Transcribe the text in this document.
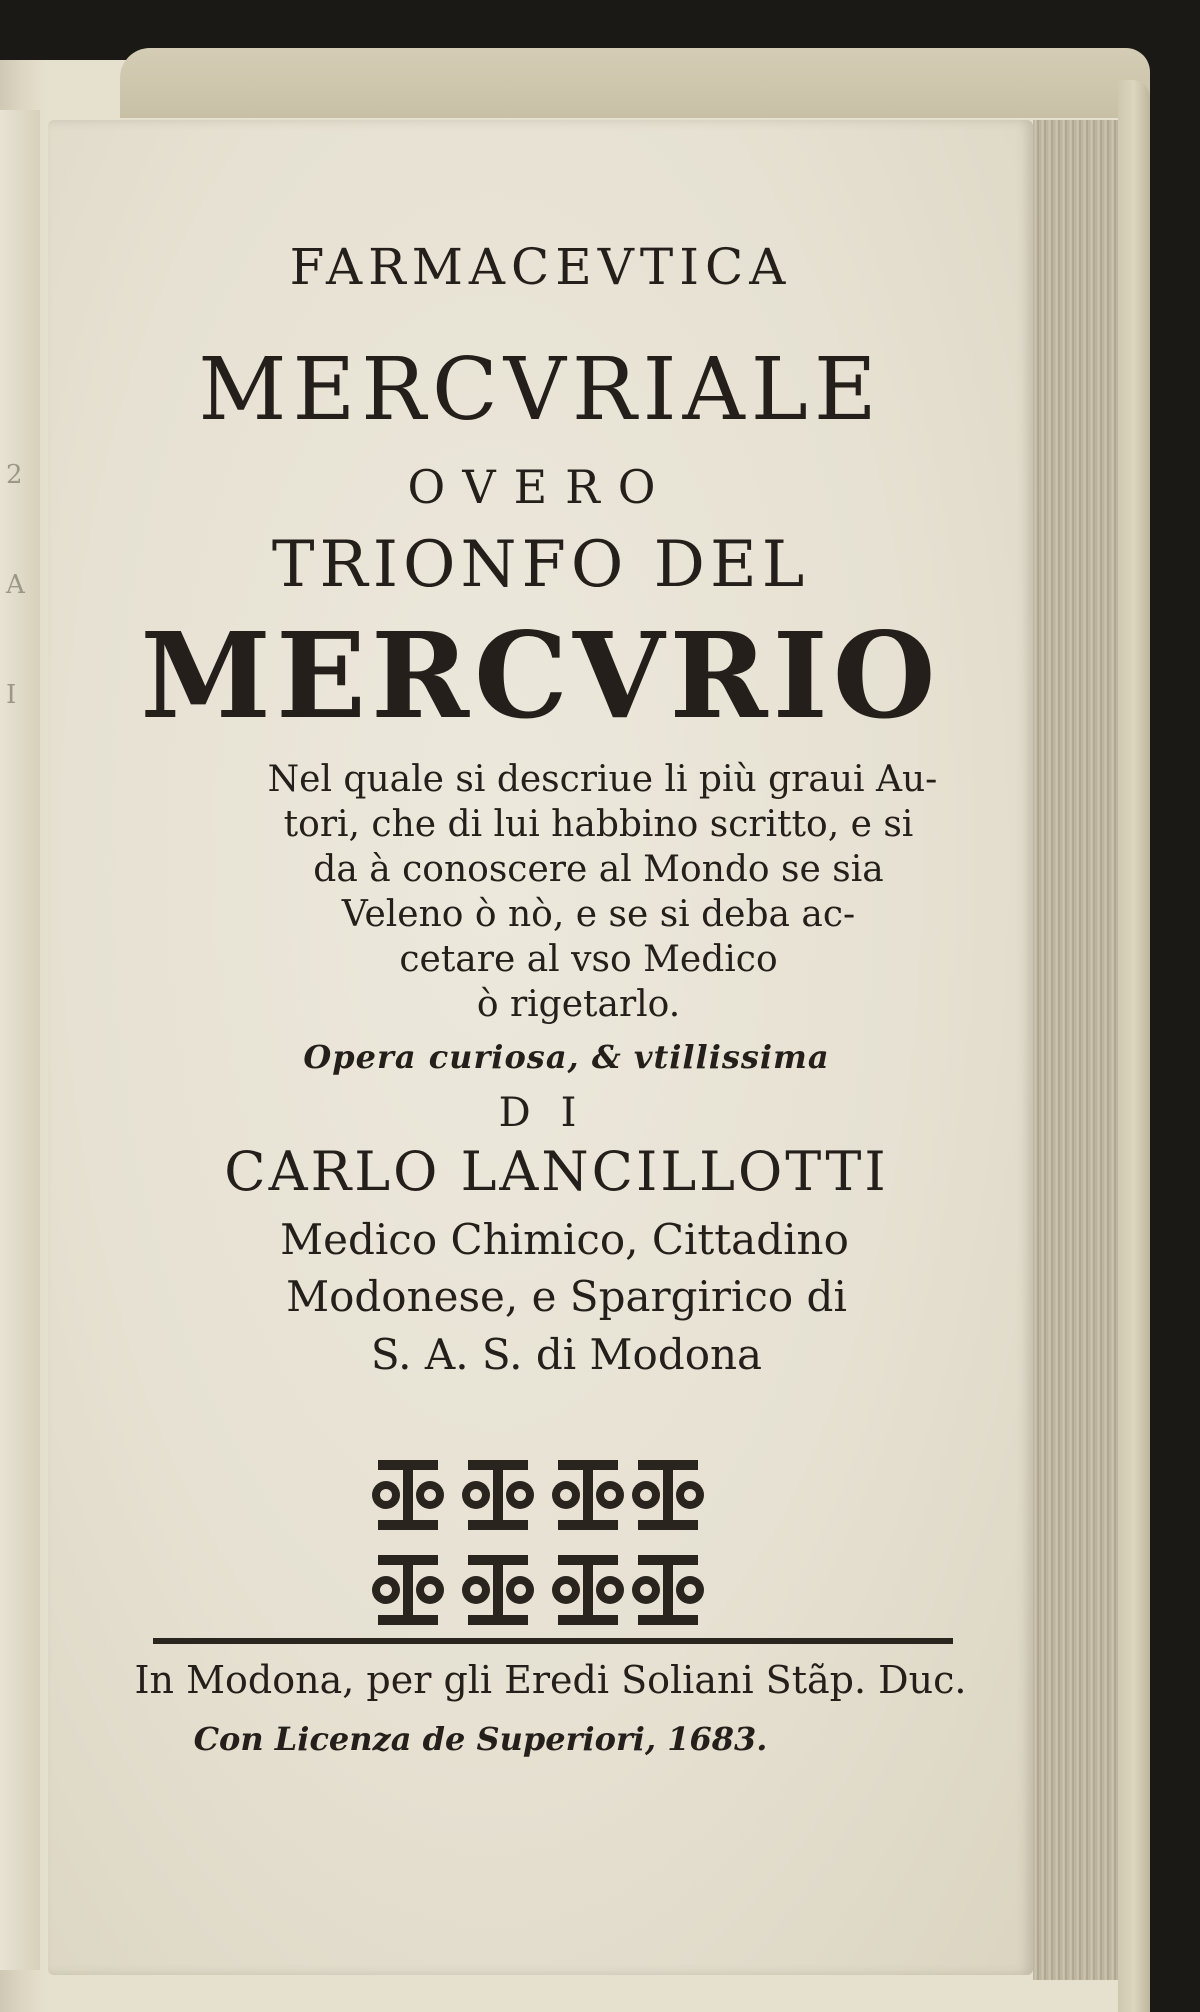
2
A
I
FARMACEVTICA
MERCVRIALE
OVERO
TRIONFO DEL
MERCVRIO
Nel quale si descriue li più graui Au-
tori, che di lui habbino scritto, e si
da à conoscere al Mondo se sia
Veleno ò nò, e se si deba ac-
cetare al vso Medico
ò rigetarlo.
Opera curiosa, & vtillissima
DI
CARLO LANCILLOTTI
Medico Chimico, Cittadino
Modonese, e Spargirico di
S. A. S. di Modona
In Modona, per gli Eredi Soliani Stãp. Duc.
Con Licenza de Superiori, 1683.
